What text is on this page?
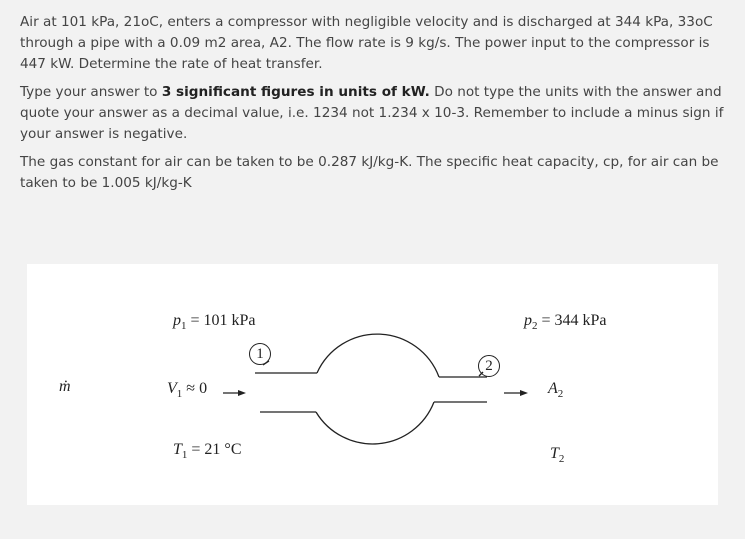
Air at 101 kPa, 21oC, enters a compressor with negligible velocity and is discharged at 344 kPa, 33oC through a pipe with a 0.09 m2 area, A2. The flow rate is 9 kg/s. The power input to the compressor is 447 kW. Determine the rate of heat transfer.

Type your answer to 3 significant figures in units of kW. Do not type the units with the answer and quote your answer as a decimal value, i.e. 1234 not 1.234 x 10-3. Remember to include a minus sign if your answer is negative.

The gas constant for air can be taken to be 0.287 kJ/kg-K. The specific heat capacity, cp, for air can be taken to be 1.005 kJ/kg-K

ṁ
$p_1 = 101$ kPa
1
$V_1 \approx 0$
$T_1 = 21$ °C
$p_2 = 344$ kPa
2
$A_2$
$T_2$
